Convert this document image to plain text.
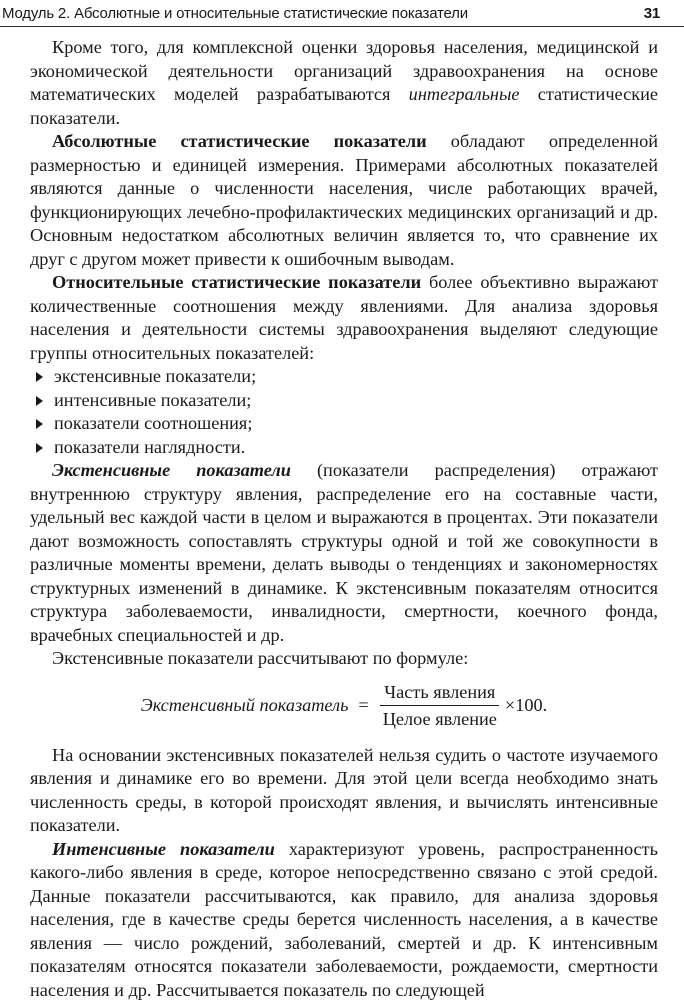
Модуль 2. Абсолютные и относительные статистические показатели	31

Кроме того, для комплексной оценки здоровья населения, медицинской и экономической деятельности организаций здравоохранения на основе математических моделей разрабатываются интегральные статистические показатели.

Абсолютные статистические показатели обладают определенной размерностью и единицей измерения. Примерами абсолютных показателей являются данные о численности населения, числе работающих врачей, функционирующих лечебно-профилактических медицинских организаций и др. Основным недостатком абсолютных величин является то, что сравнение их друг с другом может привести к ошибочным выводам.

Относительные статистические показатели более объективно выражают количественные соотношения между явлениями. Для анализа здоровья населения и деятельности системы здравоохранения выделяют следующие группы относительных показателей:

экстенсивные показатели;
интенсивные показатели;
показатели соотношения;
показатели наглядности.

Экстенсивные показатели (показатели распределения) отражают внутреннюю структуру явления, распределение его на составные части, удельный вес каждой части в целом и выражаются в процентах. Эти показатели дают возможность сопоставлять структуры одной и той же совокупности в различные моменты времени, делать выводы о тенденциях и закономерностях структурных изменений в динамике. К экстенсивным показателям относится структура заболеваемости, инвалидности, смертности, коечного фонда, врачебных специальностей и др.

Экстенсивные показатели рассчитывают по формуле:

Экстенсивный показатель = $\frac{\text{Часть явления}}{\text{Целое явление}} \times 100$.

На основании экстенсивных показателей нельзя судить о частоте изучаемого явления и динамике его во времени. Для этой цели всегда необходимо знать численность среды, в которой происходят явления, и вычислять интенсивные показатели.

Интенсивные показатели характеризуют уровень, распространенность какого-либо явления в среде, которое непосредственно связано с этой средой. Данные показатели рассчитываются, как правило, для анализа здоровья населения, где в качестве среды берется численность населения, а в качестве явления — число рождений, заболеваний, смертей и др. К интенсивным показателям относятся показатели заболеваемости, рождаемости, смертности населения и др. Рассчитывается показатель по следующей
